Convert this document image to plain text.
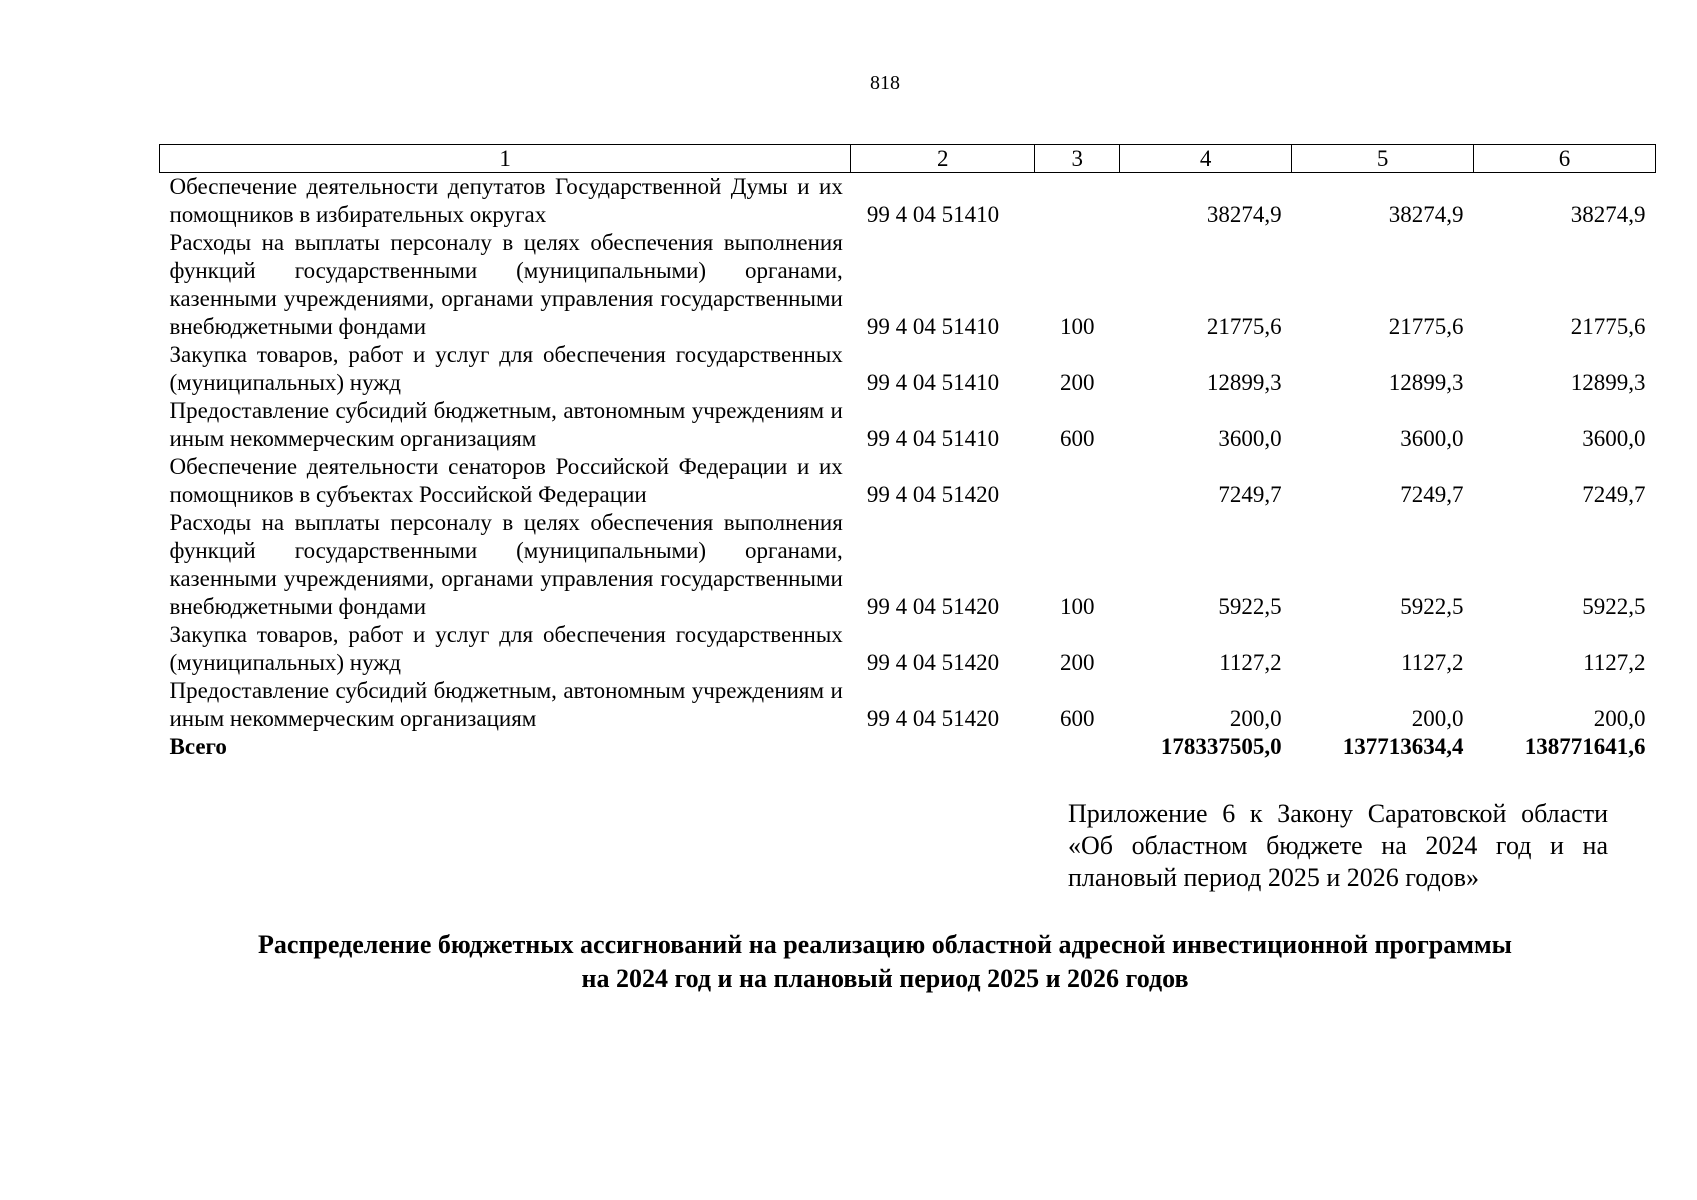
818
1	2	3	4	5	6
Обеспечение деятельности депутатов Государственной Думы и их помощников в избирательных округах	99 4 04 51410		38274,9	38274,9	38274,9
Расходы на выплаты персоналу в целях обеспечения выполнения функций государственными (муниципальными) органами, казенными учреждениями, органами управления государственными внебюджетными фондами	99 4 04 51410	100	21775,6	21775,6	21775,6
Закупка товаров, работ и услуг для обеспечения государственных (муниципальных) нужд	99 4 04 51410	200	12899,3	12899,3	12899,3
Предоставление субсидий бюджетным, автономным учреждениям и иным некоммерческим организациям	99 4 04 51410	600	3600,0	3600,0	3600,0
Обеспечение деятельности сенаторов Российской Федерации и их помощников в субъектах Российской Федерации	99 4 04 51420		7249,7	7249,7	7249,7
Расходы на выплаты персоналу в целях обеспечения выполнения функций государственными (муниципальными) органами, казенными учреждениями, органами управления государственными внебюджетными фондами	99 4 04 51420	100	5922,5	5922,5	5922,5
Закупка товаров, работ и услуг для обеспечения государственных (муниципальных) нужд	99 4 04 51420	200	1127,2	1127,2	1127,2
Предоставление субсидий бюджетным, автономным учреждениям и иным некоммерческим организациям	99 4 04 51420	600	200,0	200,0	200,0
Всего			178337505,0	137713634,4	138771641,6
Приложение 6 к Закону Саратовской области «Об областном бюджете на 2024 год и на плановый период 2025 и 2026 годов»
Распределение бюджетных ассигнований на реализацию областной адресной инвестиционной программы
на 2024 год и на плановый период 2025 и 2026 годов
